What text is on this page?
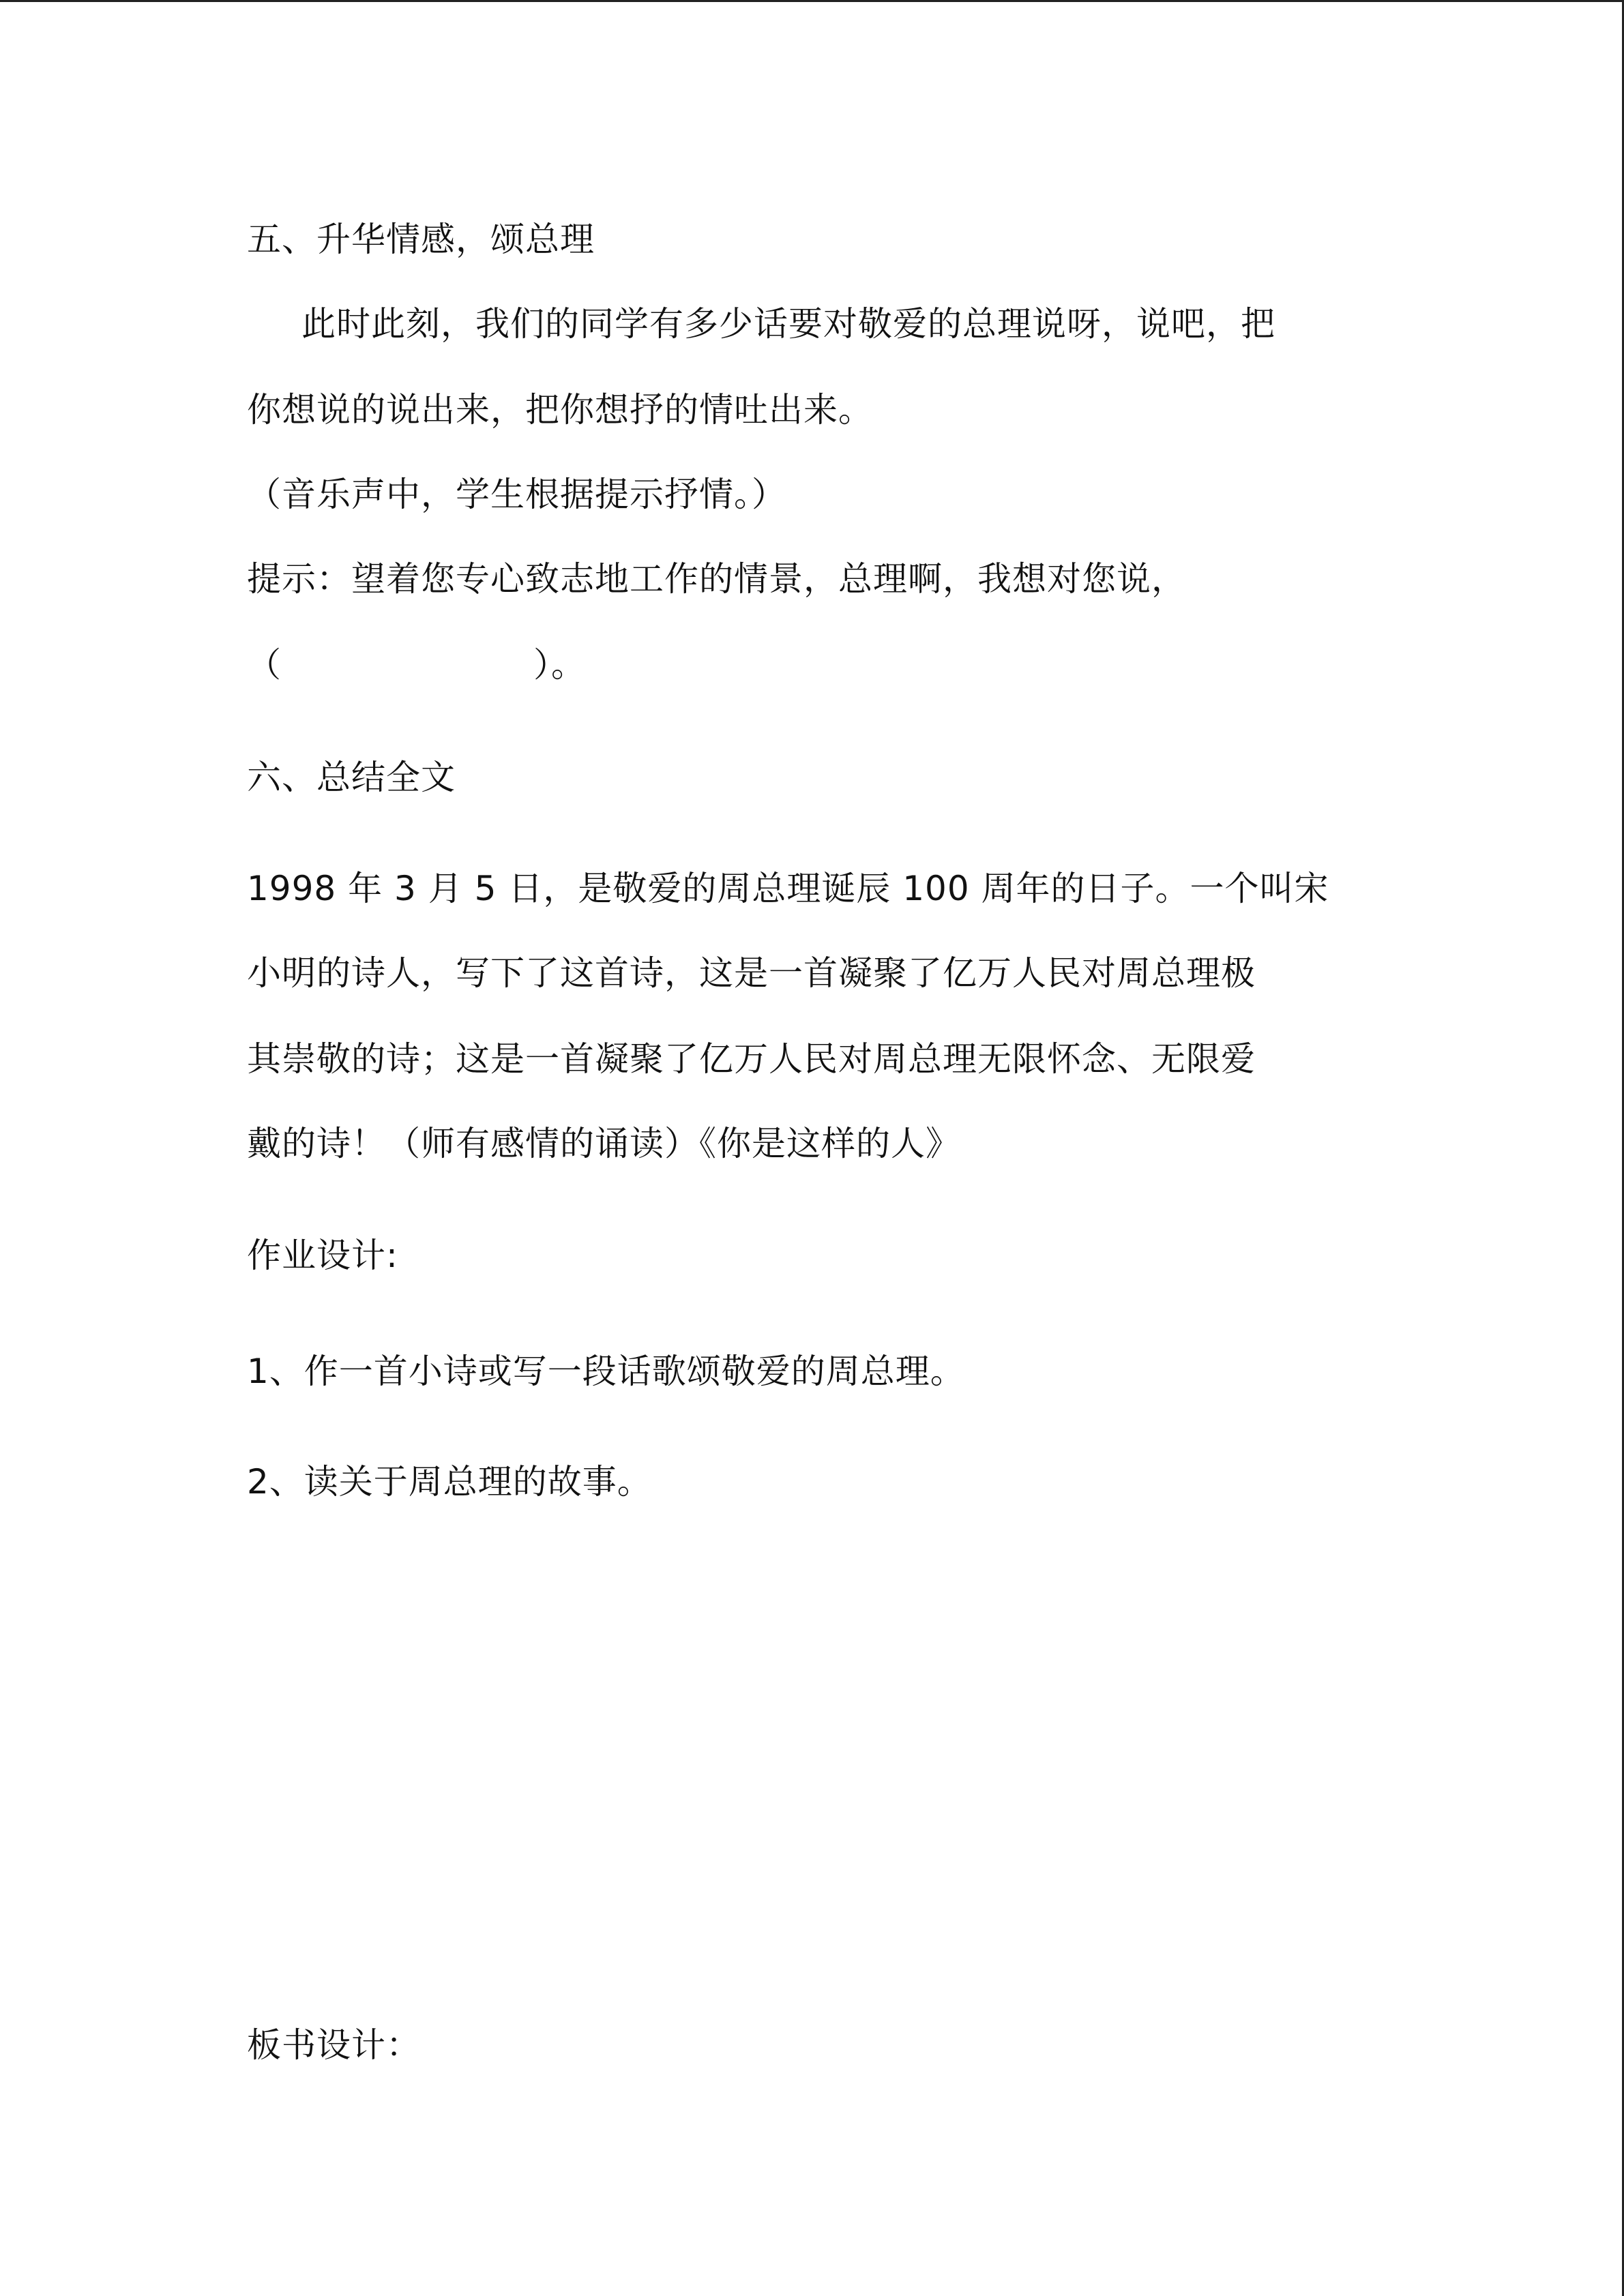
五、升华情感，颂总理
此时此刻，我们的同学有多少话要对敬爱的总理说呀，说吧，把
你想说的说出来，把你想抒的情吐出来。
（音乐声中，学生根据提示抒情。）
提示：望着您专心致志地工作的情景，总理啊，我想对您说，
（	）。
六、总结全文
1998 年 3 月 5 日，是敬爱的周总理诞辰 100 周年的日子。一个叫宋
小明的诗人，写下了这首诗，这是一首凝聚了亿万人民对周总理极
其崇敬的诗；这是一首凝聚了亿万人民对周总理无限怀念、无限爱
戴的诗！（师有感情的诵读）《你是这样的人》
作业设计:
1、作一首小诗或写一段话歌颂敬爱的周总理。
2、读关于周总理的故事。
板书设计：
